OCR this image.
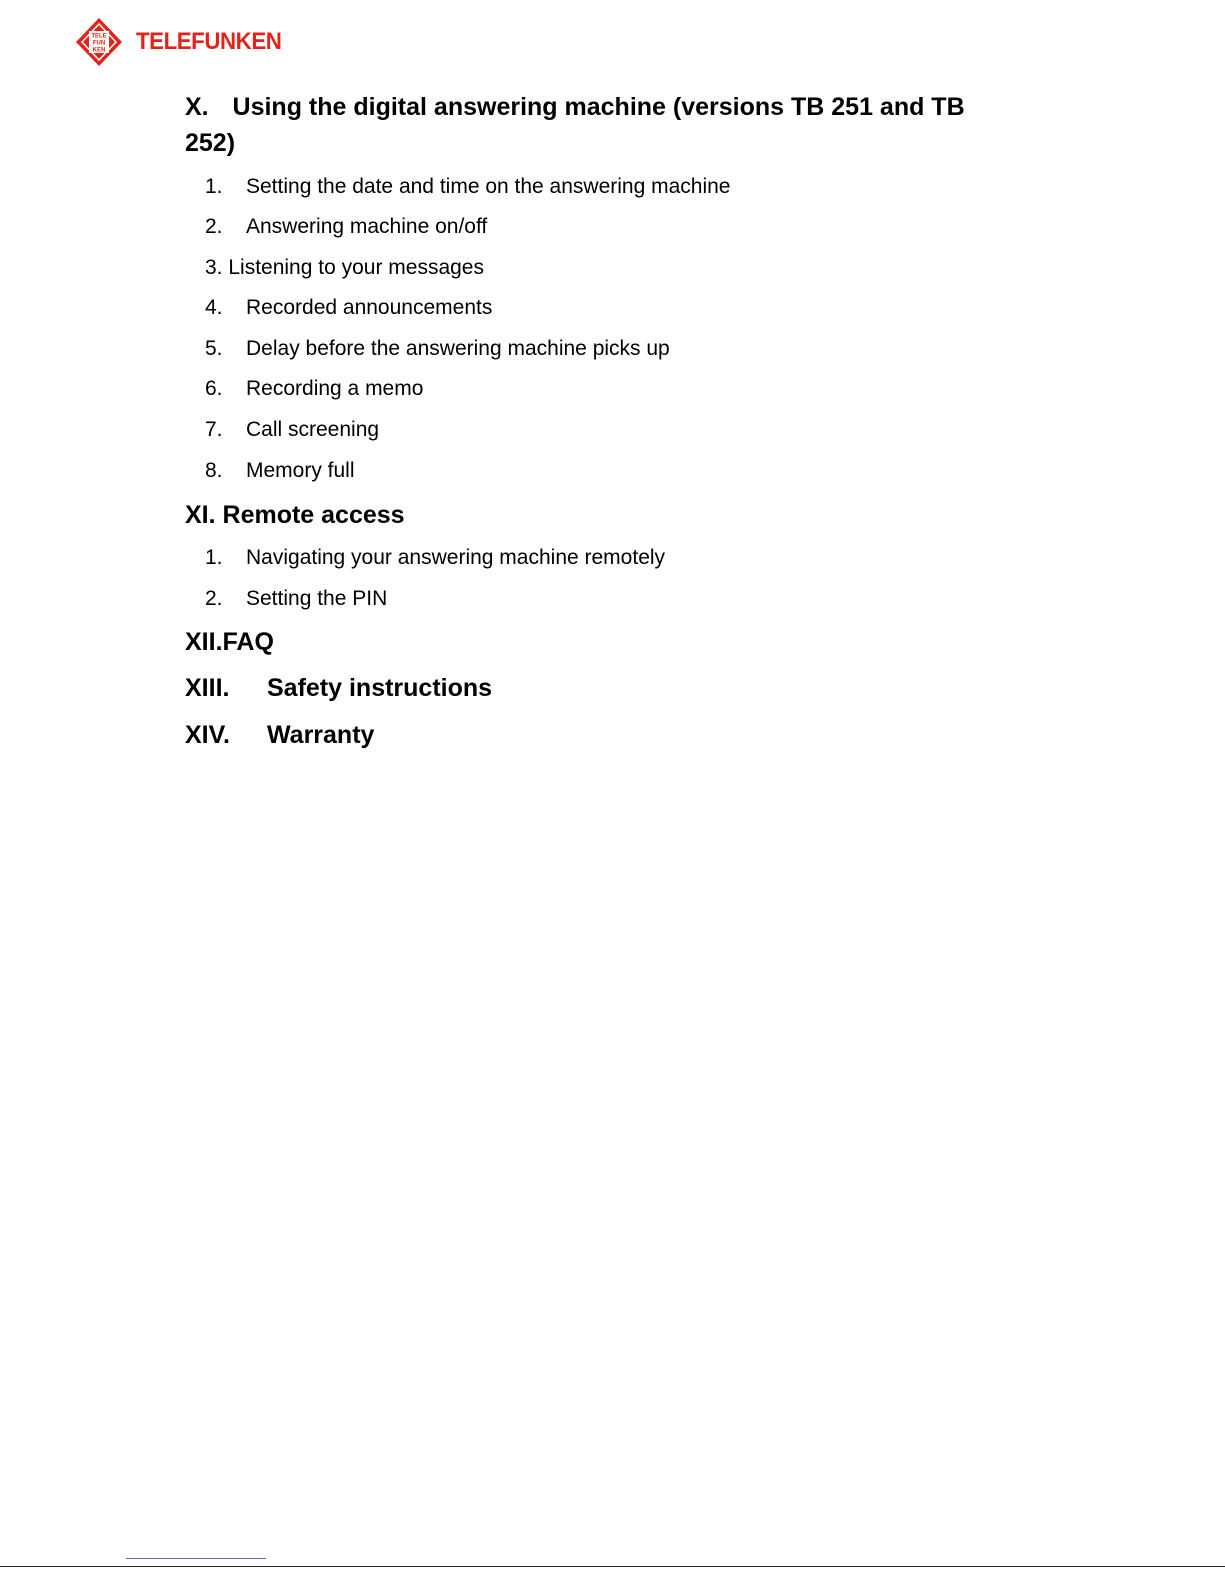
TELE
FUN
KEN TELEFUNKEN
X. Using the digital answering machine (versions TB 251 and TB
252)
1. Setting the date and time on the answering machine
2. Answering machine on/off
3. Listening to your messages
4. Recorded announcements
5. Delay before the answering machine picks up
6. Recording a memo
7. Call screening
8. Memory full
XI. Remote access
1. Navigating your answering machine remotely
2. Setting the PIN
XII.FAQ
XIII. Safety instructions
XIV. Warranty
